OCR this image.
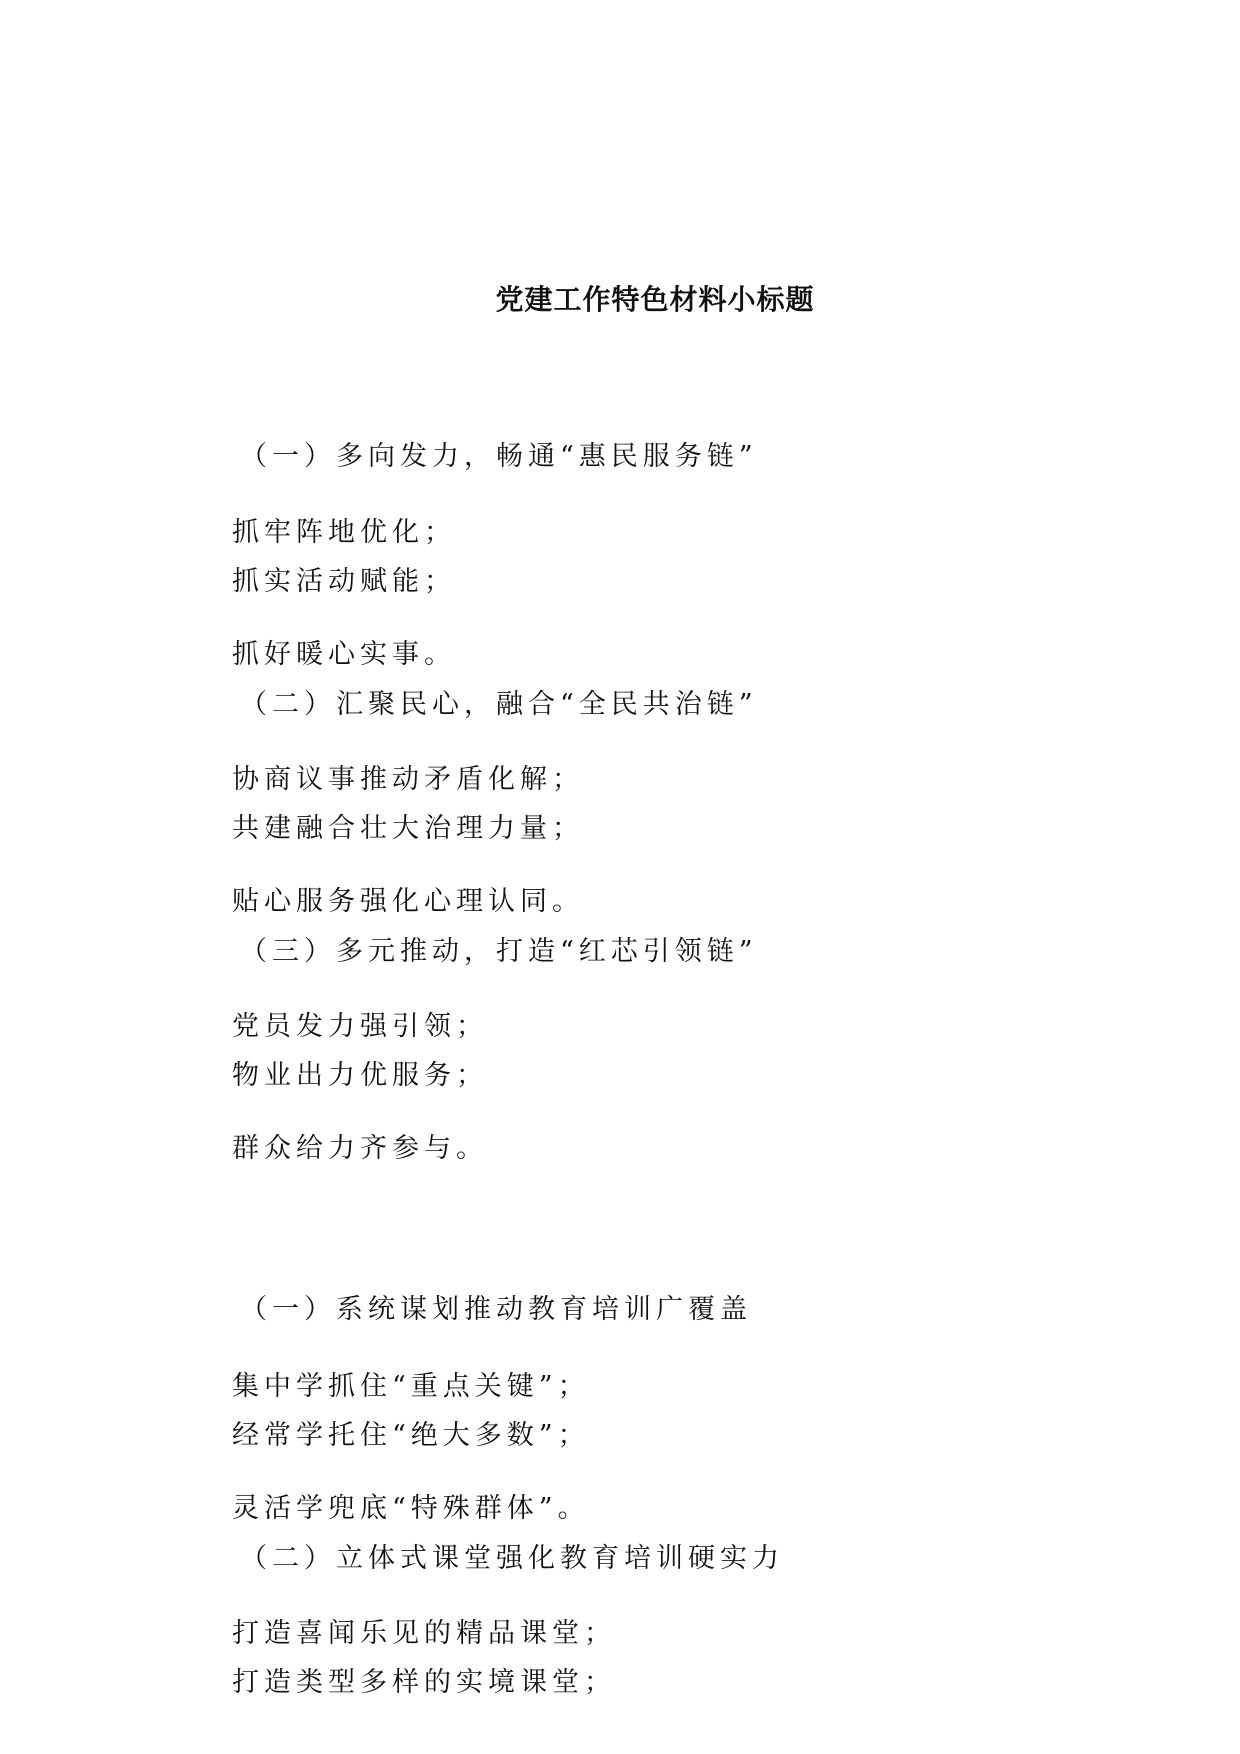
党建工作特色材料小标题
（一）多向发力，畅通“惠民服务链”
抓牢阵地优化；
抓实活动赋能；
抓好暖心实事。
（二）汇聚民心，融合“全民共治链”
协商议事推动矛盾化解；
共建融合壮大治理力量；
贴心服务强化心理认同。
（三）多元推动，打造“红芯引领链”
党员发力强引领；
物业出力优服务；
群众给力齐参与。
（一）系统谋划推动教育培训广覆盖
集中学抓住“重点关键”；
经常学托住“绝大多数”；
灵活学兜底“特殊群体”。
（二）立体式课堂强化教育培训硬实力
打造喜闻乐见的精品课堂；
打造类型多样的实境课堂；
